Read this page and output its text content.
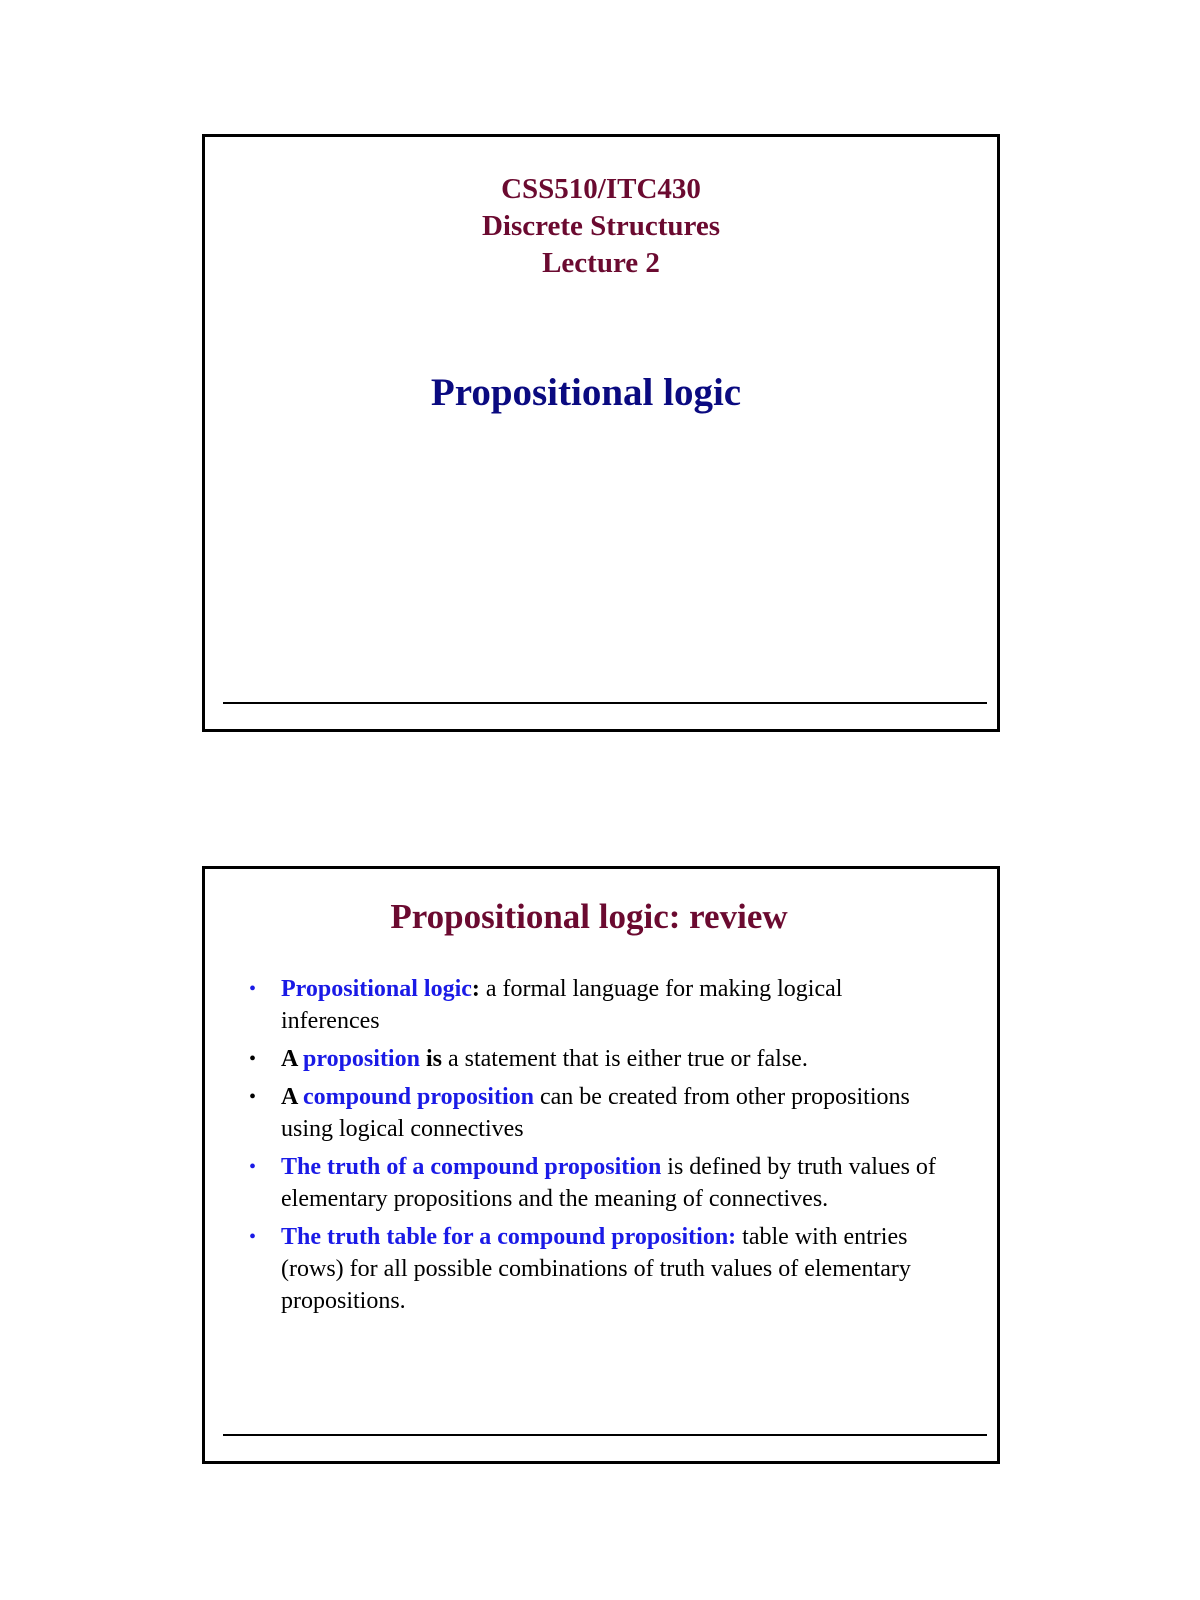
CSS510/ITC430
Discrete Structures
Lecture 2
Propositional logic
Propositional logic: review
•	Propositional logic: a formal language for making logical inferences
•	A proposition is a statement that is either true or false.
•	A compound proposition can be created from other propositions using logical connectives
•	The truth of a compound proposition is defined by truth values of elementary propositions and the meaning of connectives.
•	The truth table for a compound proposition: table with entries (rows) for all possible combinations of truth values of elementary propositions.
